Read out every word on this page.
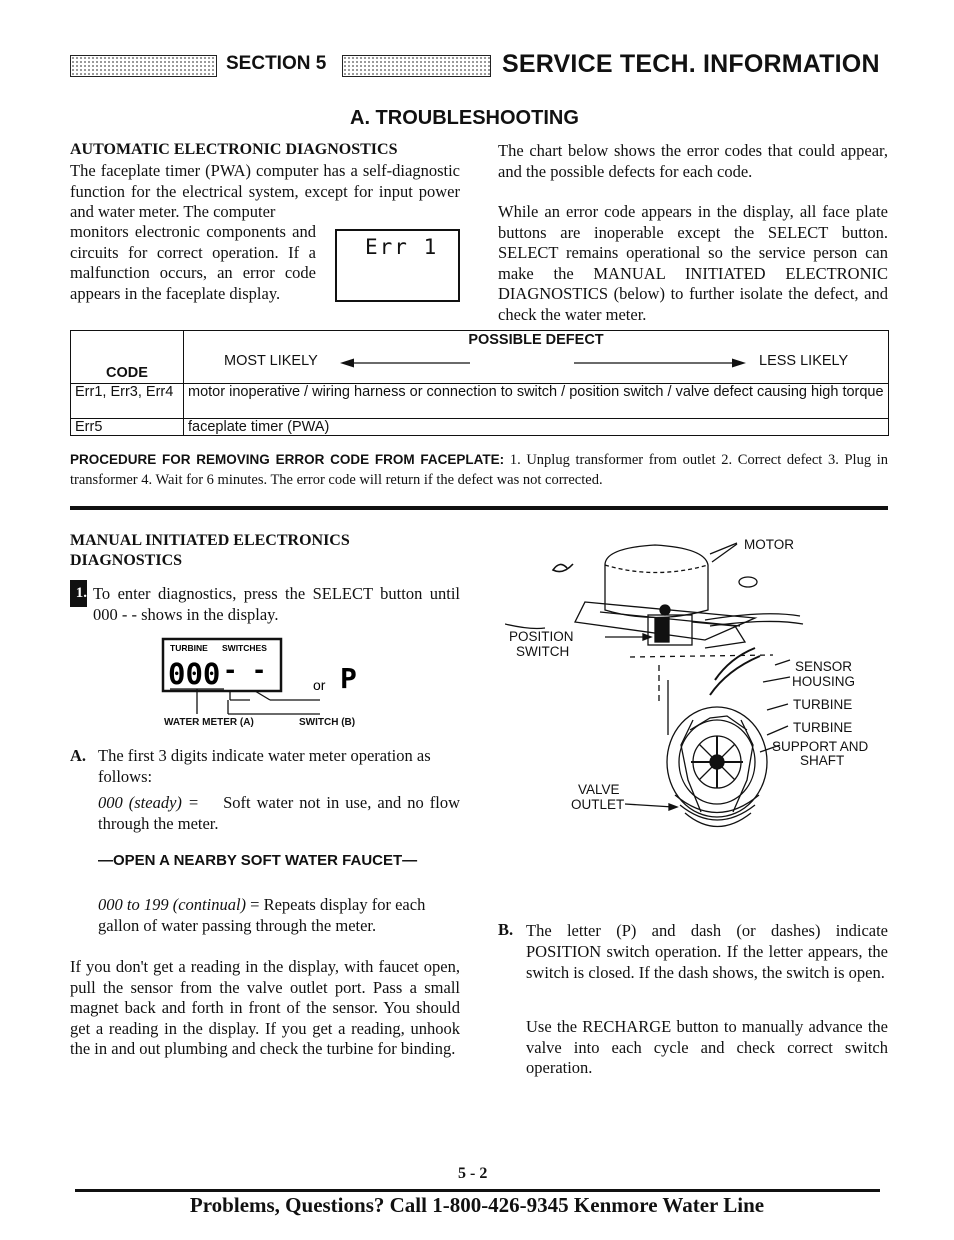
SECTION 5	SERVICE TECH. INFORMATION
A. TROUBLESHOOTING
AUTOMATIC ELECTRONIC DIAGNOSTICS
The faceplate timer (PWA) computer has a self-diagnostic function for the electrical system, except for input power and water meter. The computer
monitors electronic components and circuits for correct operation. If a malfunction occurs, an error code appears in the faceplate display.
Err 1
The chart below shows the error codes that could appear, and the possible defects for each code.
While an error code appears in the display, all face plate buttons are inoperable except the SELECT button. SELECT remains operational so the service person can make the MANUAL INITIATED ELECTRONIC DIAGNOSTICS (below) to further isolate the defect, and check the water meter.
CODE	POSSIBLE DEFECT
MOST LIKELY LESS LIKELY

Err1, Err3, Err4	motor inoperative / wiring harness or connection to switch / position switch / valve defect causing high torque
Err5	faceplate timer (PWA)
PROCEDURE FOR REMOVING ERROR CODE FROM FACEPLATE: 1. Unplug transformer from outlet 2. Correct defect 3. Plug in transformer 4. Wait for 6 minutes. The error code will return if the defect was not corrected.
MANUAL INITIATED ELECTRONICS
DIAGNOSTICS
1. To enter diagnostics, press the SELECT button until 000 - - shows in the display.
TURBINE SWITCHES
000 - -
or P
WATER METER (A)	SWITCH (B)
A. The first 3 digits indicate water meter operation as follows:
000 (steady) = Soft water not in use, and no flow through the meter.
—OPEN A NEARBY SOFT WATER FAUCET—
000 to 199 (continual) = Repeats display for each gallon of water passing through the meter.
If you don't get a reading in the display, with faucet open, pull the sensor from the valve outlet port. Pass a small magnet back and forth in front of the sensor. You should get a reading in the display. If you get a reading, unhook the in and out plumbing and check the turbine for binding.
MOTOR
POSITION
SWITCH
SENSOR
HOUSING
TURBINE
TURBINE
SUPPORT AND
SHAFT
VALVE
OUTLET
B. The letter (P) and dash (or dashes) indicate POSITION switch operation. If the letter appears, the switch is closed. If the dash shows, the switch is open.
Use the RECHARGE button to manually advance the valve into each cycle and check correct switch operation.
5 - 2
Problems, Questions? Call 1-800-426-9345 Kenmore Water Line
